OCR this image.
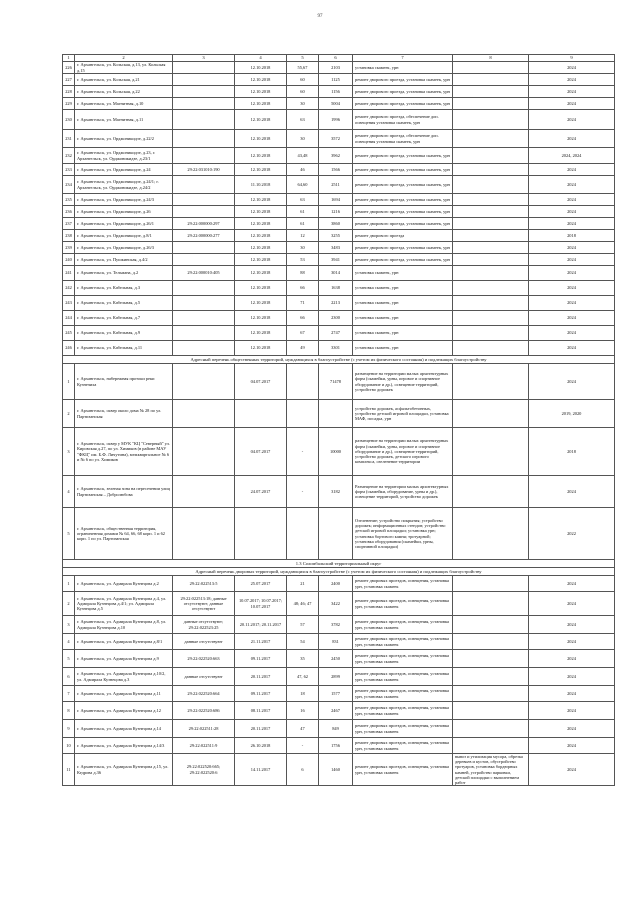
97
1	2	3	4	5	6	7	8	9
226	г. Архангельск, ул. Кольская, д.13, ул. Кольская д.15		12.10.2018	55,67	2103	установка скамеек, урн		2024
227	г. Архангельск, ул. Кольская, д.21		12.10.2018	60	1125	ремонт дворового проезда, установка скамеек, урн		2024
228	г. Архангельск, ул. Кольская, д.22		12.10.2018	60	1156	ремонт дворового проезда, установка скамеек, урн		2024
229	г. Архангельск, ул. Магнитная, д.10		12.10.2018	30	5004	ремонт дворового проезда, установка скамеек, урн		2024
230	г. Архангельск, ул. Магнитная, д.11		12.10.2018	63	1996	ремонт дворового проезда, обеспечение доп. освещения установка скамеек, урн		2024
231	г. Архангельск, ул. Орджоникидзе, д.22/2		12.10.2018	30	3572	ремонт дворового проезда, обеспечение доп. освещения установка скамеек, урн		2024
232	г. Архангельск, ул. Орджоникидзе, д.23, г. Архангельск, ул. Орджоникидзе, д.23/1		12.10.2018	43,48	3962	ремонт дворового проезда, установка скамеек, урн		2024, 2024
233	г. Архангельск, ул. Орджоникидзе, д.24	29:22:031010:190	12.10.2018	46	1566	ремонт дворового проезда, установка скамеек, урн		2024
234	г. Архангельск, ул. Орджоникидзе, д.24/1; г. Архангельск, ул. Орджоникидзе, д.24/2		11.10.2018	64,60	2511	ремонт дворового проезда, установка скамеек, урн		2024
235	г. Архангельск, ул. Орджоникидзе, д.24/3		12.10.2018	63	1694	ремонт дворового проезда, установка скамеек, урн		2024
236	г. Архангельск, ул. Орджоникидзе, д.26		12.10.2018	61	1216	ремонт дворового проезда, установка скамеек, урн		2024
237	г. Архангельск, ул. Орджоникидзе, д.26/1	29:22:000000:297	12.10.2018	61	3860	ремонт дворового проезда, установка скамеек, урн		2024
238	г. Архангельск, ул. Орджоникидзе, д.8/1	29:22:000000:277	12.10.2018	12	3255	ремонт дворового проезда		2018
239	г. Архангельск, ул. Орджоникидзе, д.26/3		12.10.2018	30	3483	ремонт дворового проезда, установка скамеек, урн		2024
240	г. Архангельск, ул. Пушкинская, д.4/2		12.10.2018	53	3941	ремонт дворового проезда, установка скамеек, урн		2024
241	г. Архангельск, ул. Тельмана, д.2	29:22:000010:405	12.10.2018	88	3014	установка скамеек, урн		2024
242	г. Архангельск, ул. Кабельная, д.3		12.10.2018	66	1638	установка скамеек, урн		2024
243	г. Архангельск, ул. Кабельная, д.5		12.10.2018	71	2213	установка скамеек, урн		2024
244	г. Архангельск, ул. Кабельная, д.7		12.10.2018	66	2300	установка скамеек, урн		2024
245	г. Архангельск, ул. Кабельная, д.9		12.10.2018	67	2747	установка скамеек, урн		2024
246	г. Архангельск, ул. Кабельная, д.11		12.10.2018	49	3301	установка скамеек, урн		2024
Адресный перечень общественных территорий, нуждающихся в благоустройстве (с учетом их физического состояния) и подлежащих благоустройству								
1	г. Архангельск, набережная протоки реки Кузнечиха		04.07.2017		71478	размещение на территории малых архитектурных форм (скамейки, урны, игровое и спортивное оборудование и др.), освещение территорий, устройство дорожек		2024
2	г. Архангельск, сквер около дома № 28 по ул. Партизанская					устройство дорожек, асфальтобетонных, устройство детской игровой площадки, установка МАФ, посадка, урн		2019, 2020
3	г. Архангельск, сквер у МУК "КЦ "Северный" ул. Кировская д.27, по ул. Химиков (в районе МАУ "ФКЦ" им. Б.Ф. Личутина), межквартальное № 6 и № 6 по ул. Химиков		04.07.2017	-	10000	размещение на территории малых архитектурных форм (скамейки, урны, игровое и спортивное оборудование и др.), освещение территорий, устройство дорожек, детского игрового комплекса, озеленение территории		2018
4	г. Архангельск, зеленая зона на пересечении улиц Партизанская – Добролюбова		24.07.2017	-	3182	Размещение на территории малых архитектурных форм (скамейки, оборудование, урны и др.), освещение территорий, устройство дорожек		2024
5	г. Архангельск, общественная территория, ограниченная домами № 64, 66, 68 корп. 1 и 62 корп. 1 по ул. Партизанская					Озеленение; устройство покрытия; устройство дорожек; информационных стендов; устройство детской игровой площадки; установка урн; установка бортового камня; тротуарной; установка оборудования (скамейки, урны, спортивной площадки)		2022
1.3 Соломбальский территориальный округ								
Адресный перечень дворовых территорий, нуждающихся в благоустройстве (с учетом их физического состояния) и подлежащих благоустройству								
1	г. Архангельск, ул. Адмирала Кузнецова д.2	29:22:022513:5	25.07.2017	21	2400	ремонт дворовых проездов, освещения, установка урн, установка скамеек		2024
2	г. Архангельск, ул. Адмирала Кузнецова д.4, ул. Адмирала Кузнецова д.4/1; ул. Адмирала Кузнецова д.5	29:22:022513:18; данные отсутствуют; данные отсутствуют	10.07.2017; 10.07.2017; 10.07.2017	48; 46; 47	3422	ремонт дворовых проездов, освещения, установка урн, установка скамеек		2024
3	г. Архангельск, ул. Адмирала Кузнецова д.8, ул. Адмирала Кузнецова д.10	данные отсутствуют; 29:22:022523:25	20.11.2017; 20.11.2017	57	3782	ремонт дворовых проездов, освещения, установка урн, установка скамеек		2024
4	г. Архангельск, ул. Адмирала Кузнецова д.8/1	данные отсутствуют	21.11.2017	54	831	ремонт дворовых проездов, освещения, установка урн, установка скамеек		2024
5	г. Архангельск, ул. Адмирала Кузнецова д.9	29:22:022520:663	09.11.2017	35	2450	ремонт дворовых проездов, освещения, установка урн, установка скамеек		2024
6	г. Архангельск, ул. Адмирала Кузнецова д.10/2, ул. Адмирала Кузнецова д.3	данные отсутствуют	20.11.2017	47, 62	2899	ремонт дворовых проездов, освещения, установка урн, установка скамеек		2024
7	г. Архангельск, ул. Адмирала Кузнецова д.11	29:22:022520:664	09.11.2017	18	1577	ремонт дворовых проездов, освещения, установка урн, установка скамеек		2024
8	г. Архангельск, ул. Адмирала Кузнецова д.12	29:22:022520:686	08.11.2017	16	2467	ремонт дворовых проездов, освещения, установка урн, установка скамеек		2024
9	г. Архангельск, ул. Адмирала Кузнецова д.14	29:22:022511:28	20.11.2017	47	849	ремонт дворовых проездов, освещения, установка урн, установка скамеек		2024
10	г. Архангельск, ул. Адмирала Кузнецова д.14/3	29:22:022511:9	26.10.2018	-	1756	ремонт дворовых проездов, освещения, установка урн, установка скамеек		2024
11	г. Архангельск, ул. Адмирала Кузнецова д.15, ул. Кедрова д.36	29:22:022520:665; 29:22:022520:6	14.11.2017	6	1460	ремонт дворовых проездов, освещения, установка урн, установка скамеек	вывоз и утилизация мусора, обрезка деревьев и кустов, обустройство тротуаров, установка бордюрных камней, устройство парковки, детской площадки с выполнением работ	2024
